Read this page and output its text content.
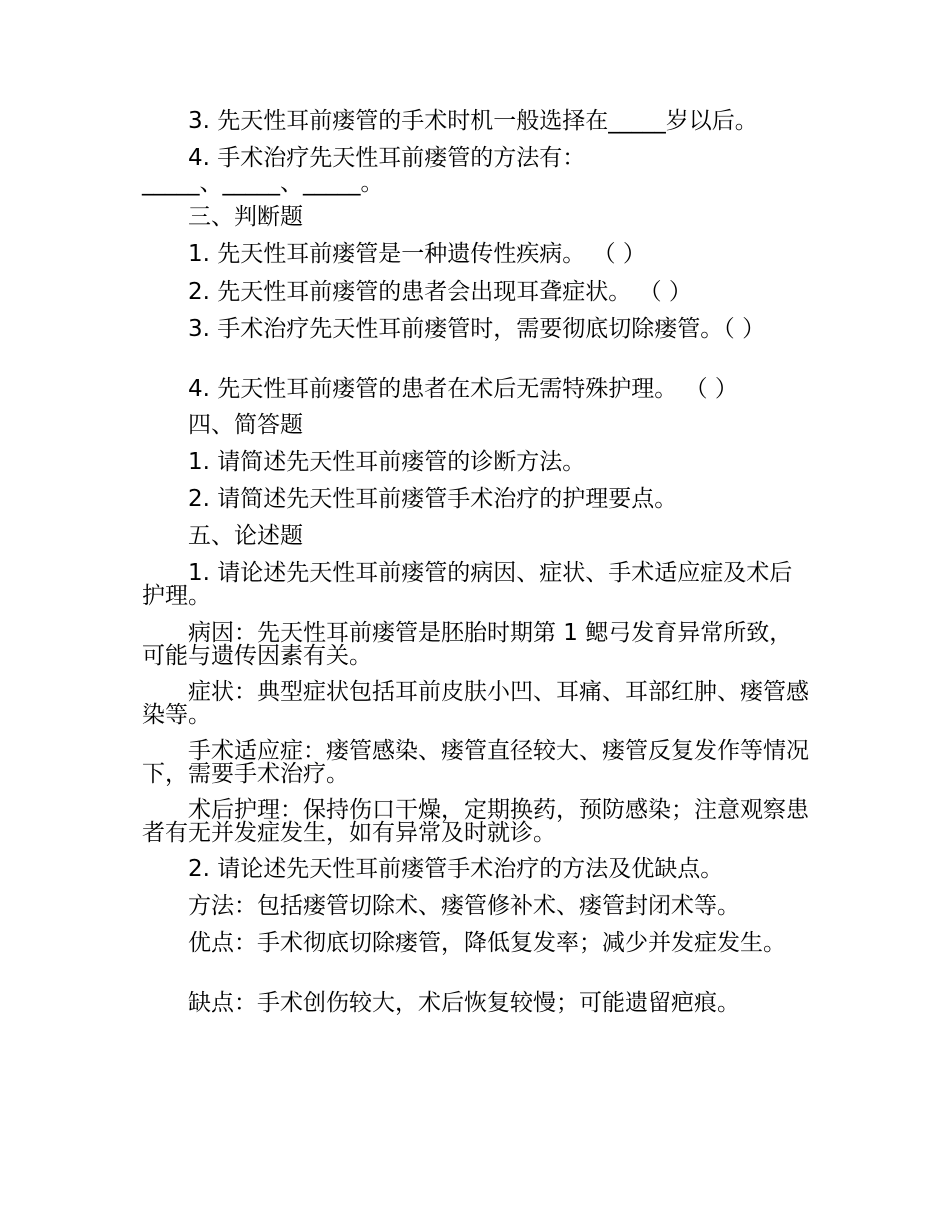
3. 先天性耳前瘘管的手术时机一般选择在_____岁以后。

4. 手术治疗先天性耳前瘘管的方法有：

_____、_____、_____。

三、判断题

1. 先天性耳前瘘管是一种遗传性疾病。 （ ）

2. 先天性耳前瘘管的患者会出现耳聋症状。 （ ）

3. 手术治疗先天性耳前瘘管时，需要彻底切除瘘管。（ ）

4. 先天性耳前瘘管的患者在术后无需特殊护理。 （ ）

四、简答题

1. 请简述先天性耳前瘘管的诊断方法。

2. 请简述先天性耳前瘘管手术治疗的护理要点。

五、论述题

1. 请论述先天性耳前瘘管的病因、症状、手术适应症及术后护理。

病因：先天性耳前瘘管是胚胎时期第 1 鳃弓发育异常所致，可能与遗传因素有关。

症状：典型症状包括耳前皮肤小凹、耳痛、耳部红肿、瘘管感染等。

手术适应症：瘘管感染、瘘管直径较大、瘘管反复发作等情况下，需要手术治疗。

术后护理：保持伤口干燥，定期换药，预防感染；注意观察患者有无并发症发生，如有异常及时就诊。

2. 请论述先天性耳前瘘管手术治疗的方法及优缺点。

方法：包括瘘管切除术、瘘管修补术、瘘管封闭术等。

优点：手术彻底切除瘘管，降低复发率；减少并发症发生。

缺点：手术创伤较大，术后恢复较慢；可能遗留疤痕。
